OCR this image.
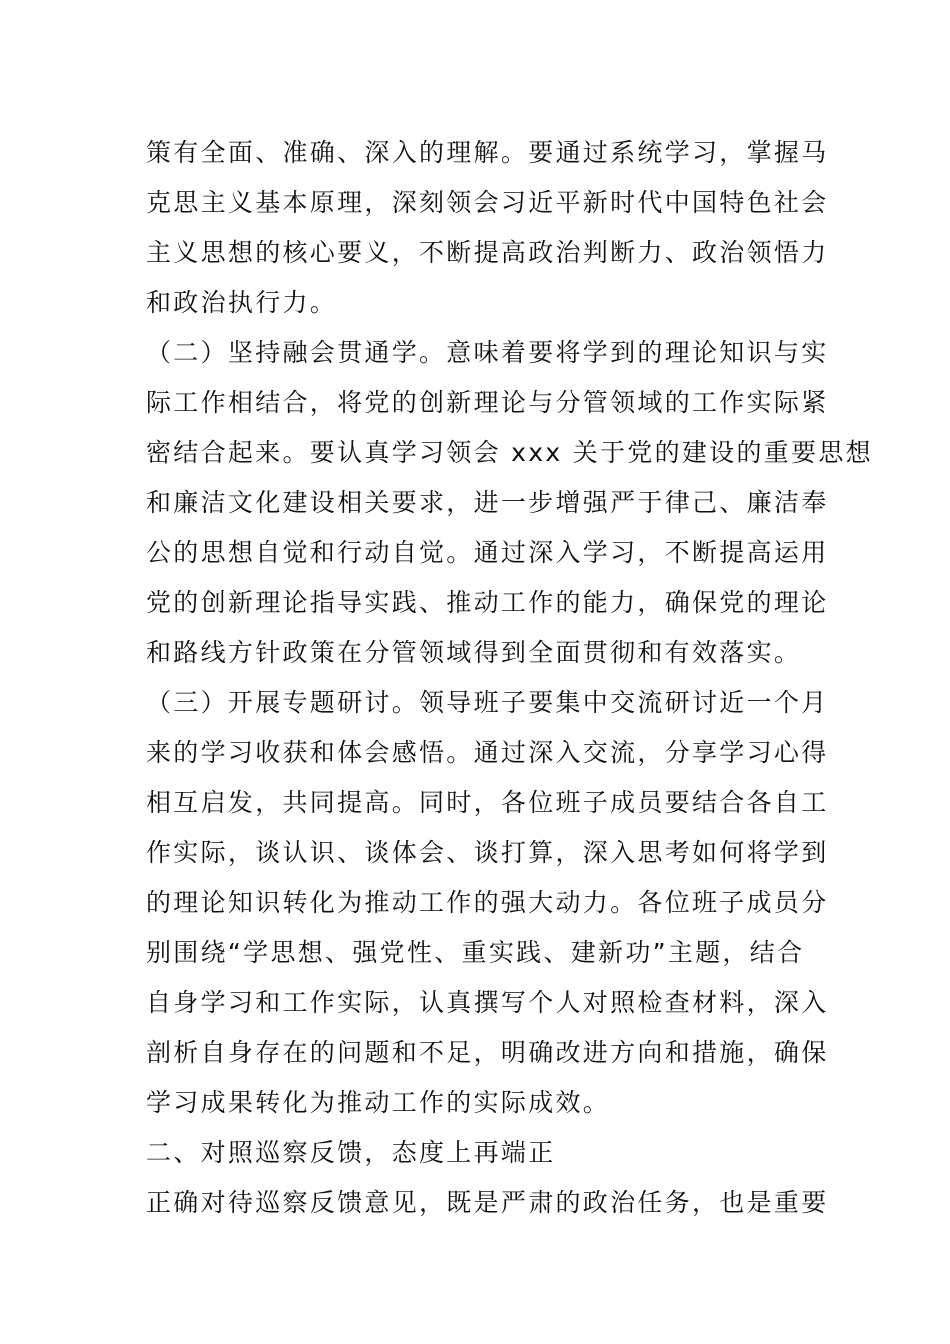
策有全面、准确、深入的理解。要通过系统学习，掌握马
克思主义基本原理，深刻领会习近平新时代中国特色社会
主义思想的核心要义，不断提高政治判断力、政治领悟力
和政治执行力。
（二）坚持融会贯通学。意味着要将学到的理论知识与实
际工作相结合，将党的创新理论与分管领域的工作实际紧
密结合起来。要认真学习领会 xxx 关于党的建设的重要思想
和廉洁文化建设相关要求，进一步增强严于律己、廉洁奉
公的思想自觉和行动自觉。通过深入学习，不断提高运用
党的创新理论指导实践、推动工作的能力，确保党的理论
和路线方针政策在分管领域得到全面贯彻和有效落实。
（三）开展专题研讨。领导班子要集中交流研讨近一个月
来的学习收获和体会感悟。通过深入交流，分享学习心得
相互启发，共同提高。同时，各位班子成员要结合各自工
作实际，谈认识、谈体会、谈打算，深入思考如何将学到
的理论知识转化为推动工作的强大动力。各位班子成员分
别围绕“学思想、强党性、重实践、建新功”主题，结合
自身学习和工作实际，认真撰写个人对照检查材料，深入
剖析自身存在的问题和不足，明确改进方向和措施，确保
学习成果转化为推动工作的实际成效。
二、对照巡察反馈，态度上再端正
正确对待巡察反馈意见，既是严肃的政治任务，也是重要
